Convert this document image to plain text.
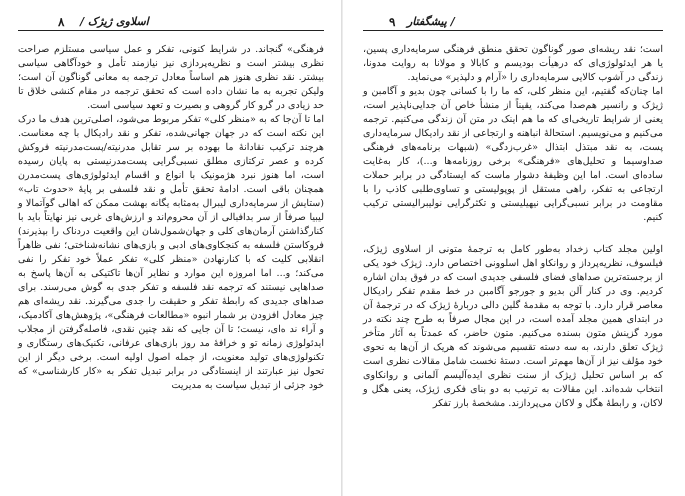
۸ / اسلاوی ژیژک

فرهنگی» گنجاند. در شرایط کنونی، تفکر و عمل سیاسی مستلزم صراحت نظری بیشتر است و نظریه‌پردازی نیز نیازمند تأمل و خودآگاهی سیاسی بیشتر. نقد نظری هنوز هم اساساً معادل ترجمه به معانی گوناگون آن است؛ ولیکن تجربه به ما نشان داده است که تحقق ترجمه در مقام کنشی خلاق تا حد زیادی در گرو کار گروهی و بصیرت و تعهد سیاسی است.

اما تا آن‌جا که به «منظر کلی» تفکر مربوط می‌شود، اصلی‌ترین هدف ما درک این نکته است که در جهان جهانی‌شده، تفکر و نقد رادیکال با چه معناست. هرچند ترکیب نقادانهٔ ما بهوده بر سر تقابل مدرنیته/پست‌مدرنیته فروکش کرده و عصر ترکتازی مطلق نسبی‌گرایی پست‌مدرنیستی به پایان رسیده است، اما هنوز نبرد هژمونیک با انواع و اقسام ایدئولوژی‌های پست‌مدرن همچنان باقی است. ادامهٔ تحقق تأمل و نقد فلسفی بر پایهٔ «حدوث تاب» (ستایش از سرمایه‌داری لیبرال به‌مثابه یگانه بهشت ممکن که اهالی گوآتمالا و لیبیا صرفاً از سر بدافبالی از آن محروم‌اند و ارزش‌های غربی نیز نهایتاً باید با کنارگذاشتن آرمان‌های کلی و جهان‌شمول‌شان این واقعیت دردناک را بپذیرند) فروکاستن فلسفه به کنجکاوی‌های ادبی و بازی‌های نشانه‌شناختی؛ نفی ظاهراً انقلابی کلیت که با کنارنهادن «منظر کلی» تفکر عملاً خود تفکر را نفی می‌کند؛ و... اما امروزه این موارد و نظایر آن‌ها تاکتیکی به آن‌ها پاسخ به صداهایی نیستند که ترجمه نقد فلسفه و تفکر جدی به گوش می‌رسند. برای صداهای جدیدی که رابطهٔ تفکر و حقیقت را جدی می‌گیرند. نقد ریشه‌ای هم چیز معادل افزودن بر شمار انبوه «مطالعات فرهنگی»، پژوهش‌های آکادمیک، و آراء ند ه‌ای، نیست؛ تا آن جایی که نقد چنین نقدی، فاصله‌گرفتن از مجلاب ایدئولوژی زمانه تو و خرافهٔ مد روز بازی‌های عرفانی، تکنیک‌های رستگاری و تکنولوژی‌های تولید معنویت، از جمله اصول اولیه است. برخی دیگر از این تحول نیز عبارتند از اینستادگی در برابر تبدیل تفکر به «کار کارشناسی» که خود جزئی از تبدیل سیاست به مدیریت

۹ پیشگفتار /

است؛ نقد ریشه‌ای صور گوناگون تحقق منطق فرهنگی سرمایه‌داری پسین، یا هر ایدئولوژی‌ای که درهیأت بودیسم و کابالا و مولانا به روایت مدونا، زندگی در آشوب کالایی سرمایه‌داری را «آرام و دلپذیر» می‌نماید.

اما چنان‌که گفتیم، این منظر کلی، که ما را با کسانی چون بدیو و آگامبن و ژیژک و رانسیر هم‌صدا می‌کند، یقیناً از منشأ خاص آن جدایی‌ناپذیر است، یعنی از شرایط تاریخی‌ای که ما هم اینک در متن آن زندگی می‌کنیم. ترجمه می‌کنیم و می‌نویسیم. استحالهٔ انباهنه و ارتجاعی از نقد رادیکال سرمایه‌داری پست، به نقد مبتذل ابتذال «غرب‌زدگی» (شبهات برنامه‌های فرهنگی صداوسیما و تحلیل‌های «فرهنگی» برخی روزنامه‌ها و...)، کار به‌غایت ساده‌ای است. اما این وظیفهٔ دشوار ماست که ایستادگی در برابر حملات ارتجاعی به تفکر، راهی مستقل از پوپولیستی و تساوی‌طلبی کاذب را با مقاومت در برابر نسبی‌گرایی نیهیلیستی و تکثرگرایی نولیبرالیستی ترکیب کنیم.

اولین مجلد کتاب زخداد به‌طور کامل به ترجمهٔ متونی از اسلاوی ژیژک، فیلسوف، نظریه‌پرداز و روانکاو اهل اسلوونی اختصاص دارد. ژیژک خود یکی از برجسته‌ترین صداهای فضای فلسفی جدیدی است که در فوق بدان اشاره کردیم. وی در کنار آلن بدیو و جورجو آگامبن در خط مقدم تفکر رادیکال معاصر قرار دارد. با توجه به مقدمهٔ گلین دالی دربارهٔ ژیژک که در ترجمهٔ آن در ابتدای همین مجلد آمده است، در این مجال صرفاً به طرح چند نکته در مورد گزینش متون بسنده می‌کنیم. متون حاضر، که عمدتاً به آثار متأخر ژیژک تعلق دارند، به سه دسته تقسیم می‌شوند که هریک از آن‌ها به نحوی خود مؤلف نیز از آن‌ها مهم‌تر است. دستهٔ نخست شامل مقالات نظری است که بر اساس تحلیل ژیژک از سنت نظری ایده‌آلیسم آلمانی و روانکاوی انتخاب شده‌اند. این مقالات به ترتیب به دو بنای فکری ژیژک، یعنی هگل و لاکان، و رابطهٔ هگل و لاکان می‌پردازند. مشخصهٔ بارز تفکر
